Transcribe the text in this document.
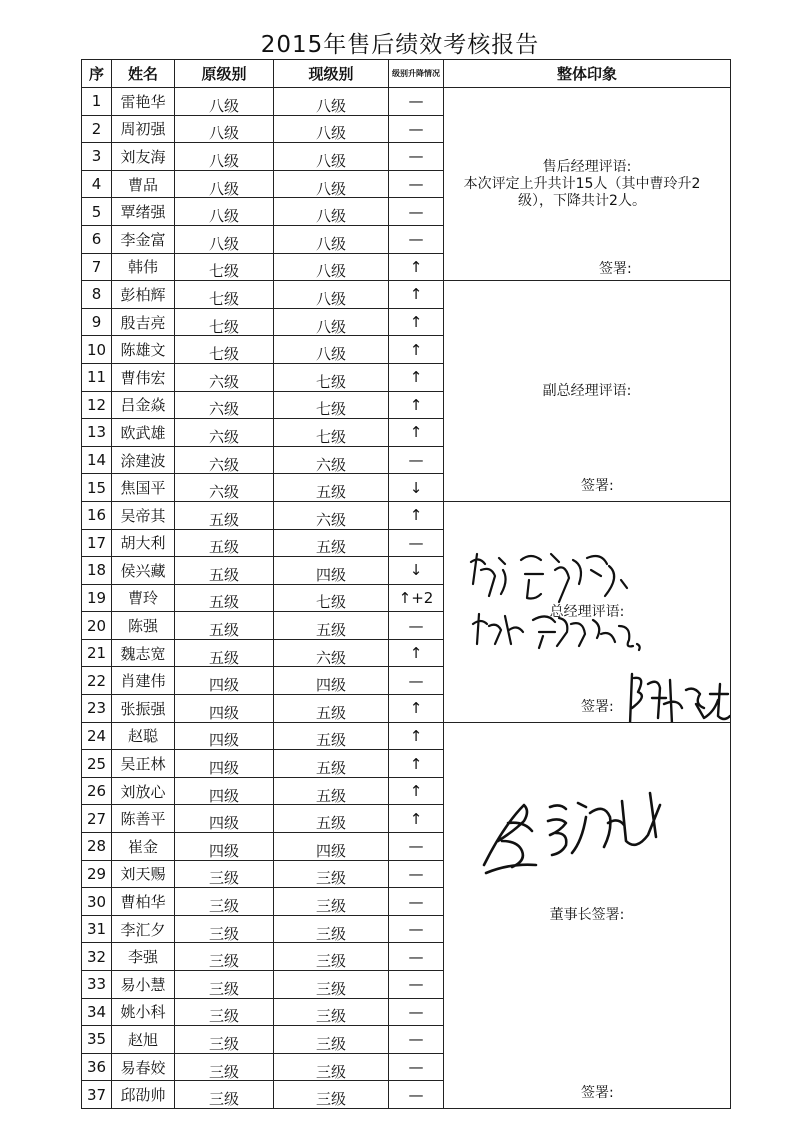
2015年售后绩效考核报告
序	姓名	原级别	现级别	级别升降情况	整体印象
1	雷艳华	八级	八级	—	售后经理评语:
本次评定上升共计15人（其中曹玲升2级），下降共计2人。
签署:

2	周初强	八级	八级	—	
3	刘友海	八级	八级	—	
4	曹品	八级	八级	—	
5	覃绪强	八级	八级	—	
6	李金富	八级	八级	—	
7	韩伟	七级	八级	↑	
8	彭柏辉	七级	八级	↑	副总经理评语:
签署:

9	殷吉亮	七级	八级	↑	
10	陈雄文	七级	八级	↑	
11	曹伟宏	六级	七级	↑	
12	吕金焱	六级	七级	↑	
13	欧武雄	六级	七级	↑	
14	涂建波	六级	六级	—	
15	焦国平	六级	五级	↓	
16	吴帝其	五级	六级	↑	总经理评语:
签署:

17	胡大利	五级	五级	—	
18	侯兴藏	五级	四级	↓	
19	曹玲	五级	七级	↑+2	
20	陈强	五级	五级	—	
21	魏志宽	五级	六级	↑	
22	肖建伟	四级	四级	—	
23	张振强	四级	五级	↑	
24	赵聪	四级	五级	↑	董事长签署:
签署:

25	吴正林	四级	五级	↑	
26	刘放心	四级	五级	↑	
27	陈善平	四级	五级	↑	
28	崔金	四级	四级	—	
29	刘天赐	三级	三级	—	
30	曹柏华	三级	三级	—	
31	李汇夕	三级	三级	—	
32	李强	三级	三级	—	
33	易小慧	三级	三级	—	
34	姚小科	三级	三级	—	
35	赵旭	三级	三级	—	
36	易春姣	三级	三级	—	
37	邱劭帅	三级	三级	—	
